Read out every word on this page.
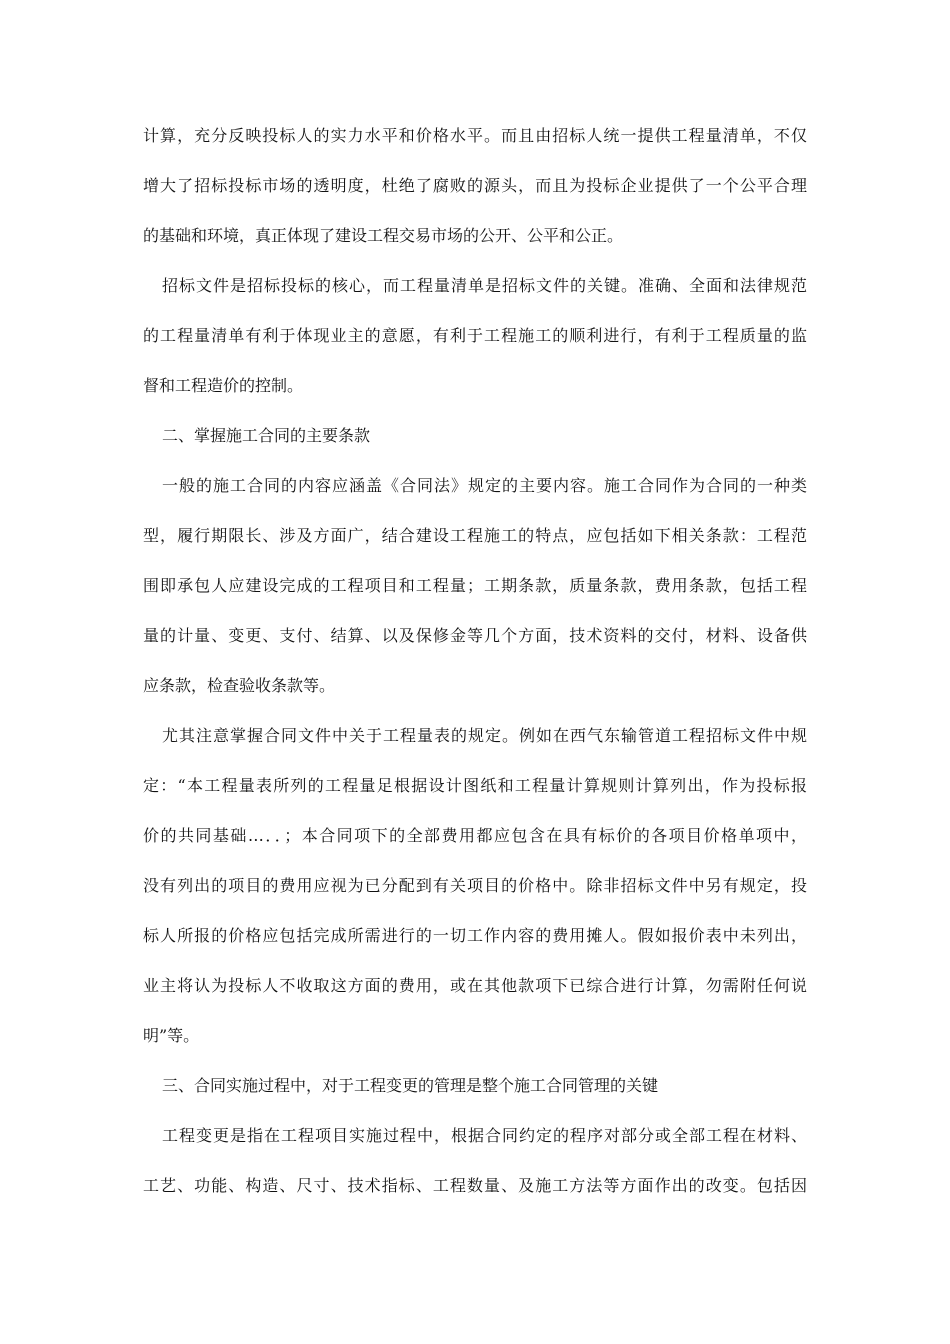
计算，充分反映投标人的实力水平和价格水平。而且由招标人统一提供工程量清单，不仅
增大了招标投标市场的透明度，杜绝了腐败的源头，而且为投标企业提供了一个公平合理
的基础和环境，真正体现了建设工程交易市场的公开、公平和公正。
招标文件是招标投标的核心，而工程量清单是招标文件的关键。准确、全面和法律规范
的工程量清单有利于体现业主的意愿，有利于工程施工的顺利进行，有利于工程质量的监
督和工程造价的控制。
二、掌握施工合同的主要条款
一般的施工合同的内容应涵盖《合同法》规定的主要内容。施工合同作为合同的一种类
型，履行期限长、涉及方面广，结合建设工程施工的特点，应包括如下相关条款：工程范
围即承包人应建设完成的工程项目和工程量；工期条款，质量条款，费用条款，包括工程
量的计量、变更、支付、结算、以及保修金等几个方面，技术资料的交付，材料、设备供
应条款，检查验收条款等。
尤其注意掌握合同文件中关于工程量表的规定。例如在西气东输管道工程招标文件中规
定：“本工程量表所列的工程量足根据设计图纸和工程量计算规则计算列出，作为投标报
价的共同基础…．．；本合同项下的全部费用都应包含在具有标价的各项目价格单项中，
没有列出的项目的费用应视为已分配到有关项目的价格中。除非招标文件中另有规定，投
标人所报的价格应包括完成所需进行的一切工作内容的费用摊人。假如报价表中未列出，
业主将认为投标人不收取这方面的费用，或在其他款项下已综合进行计算，勿需附任何说
明”等。
三、合同实施过程中，对于工程变更的管理是整个施工合同管理的关键
工程变更是指在工程项目实施过程中，根据合同约定的程序对部分或全部工程在材料、
工艺、功能、构造、尺寸、技术指标、工程数量、及施工方法等方面作出的改变。包括因
